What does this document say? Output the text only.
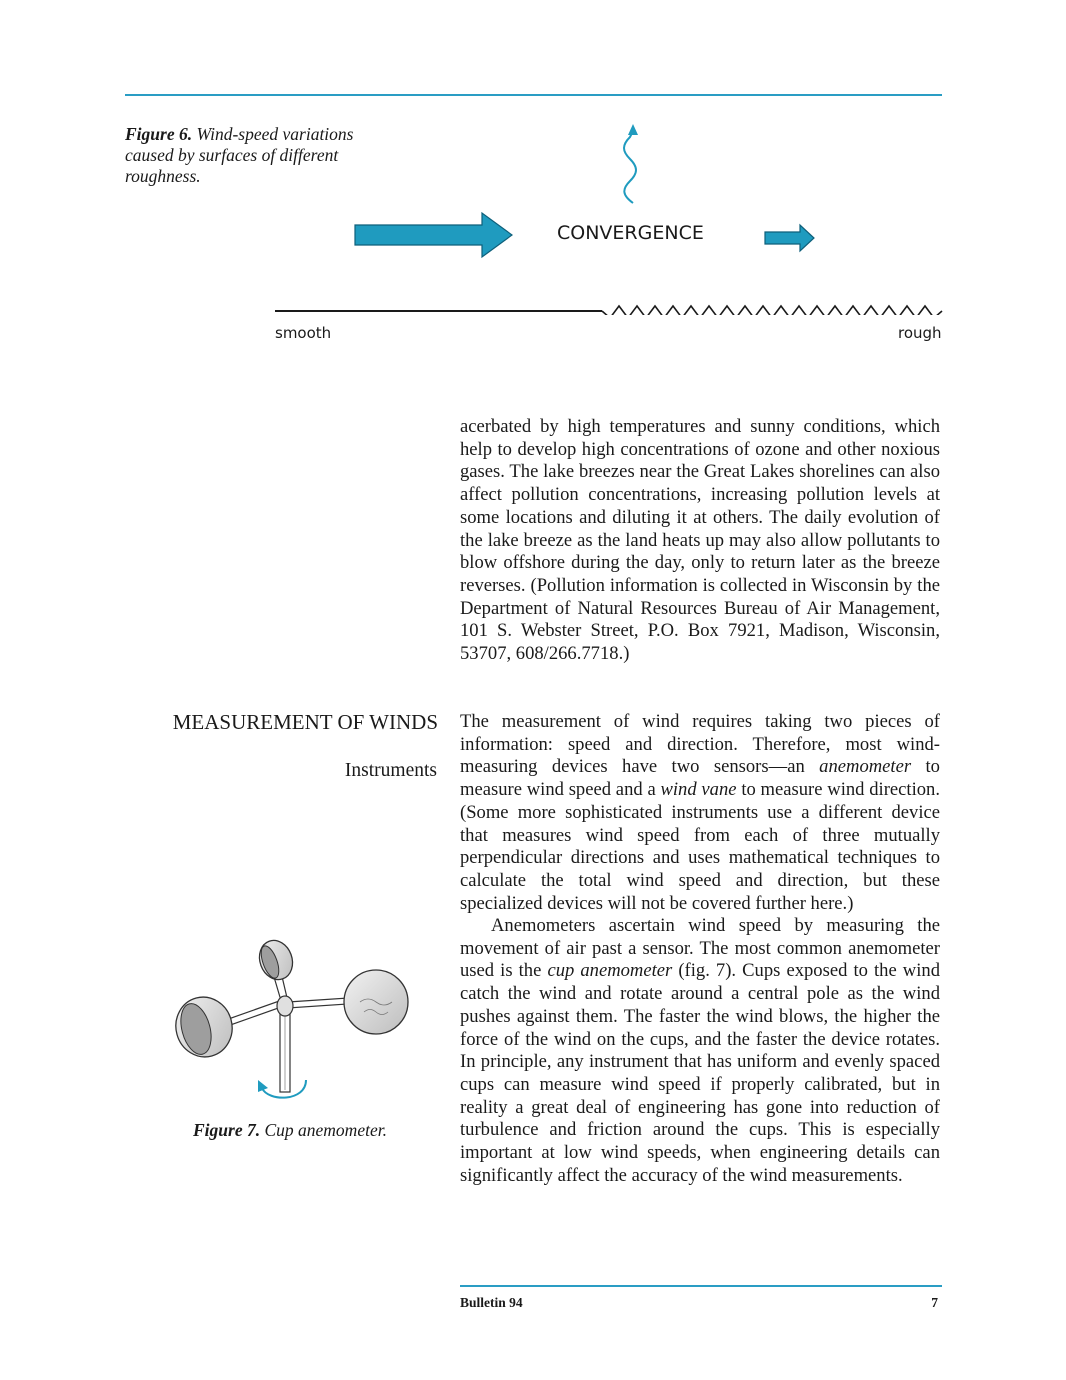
Figure 6. Wind-speed variations caused by surfaces of different roughness.
CONVERGENCE
smooth	rough
acerbated by high temperatures and sunny conditions, which help to develop high concentrations of ozone and other noxious gases. The lake breezes near the Great Lakes shorelines can also affect pollution concentrations, increasing pollution levels at some locations and diluting it at others. The daily evolution of the lake breeze as the land heats up may also allow pollutants to blow offshore during the day, only to return later as the breeze reverses. (Pollution information is collected in Wisconsin by the Department of Natural Resources Bureau of Air Management, 101 S. Webster Street, P.O. Box 7921, Madison, Wisconsin, 53707, 608/266.7718.)
MEASUREMENT OF WINDS
Instruments
The measurement of wind requires taking two pieces of information: speed and direction. Therefore, most wind-measuring devices have two sensors—an anemometer to measure wind speed and a wind vane to measure wind direction. (Some more sophisticated instruments use a different device that measures wind speed from each of three mutually perpendicular directions and uses mathematical techniques to calculate the total wind speed and direction, but these specialized devices will not be covered further here.)
Anemometers ascertain wind speed by measuring the movement of air past a sensor. The most common anemometer used is the cup anemometer (fig. 7). Cups exposed to the wind catch the wind and rotate around a central pole as the wind pushes against them. The faster the wind blows, the higher the force of the wind on the cups, and the faster the device rotates. In principle, any instrument that has uniform and evenly spaced cups can measure wind speed if properly calibrated, but in reality a great deal of engineering has gone into reduction of turbulence and friction around the cups. This is especially important at low wind speeds, when engineering details can significantly affect the accuracy of the wind measurements.
Figure 7. Cup anemometer.
Bulletin 94	7
